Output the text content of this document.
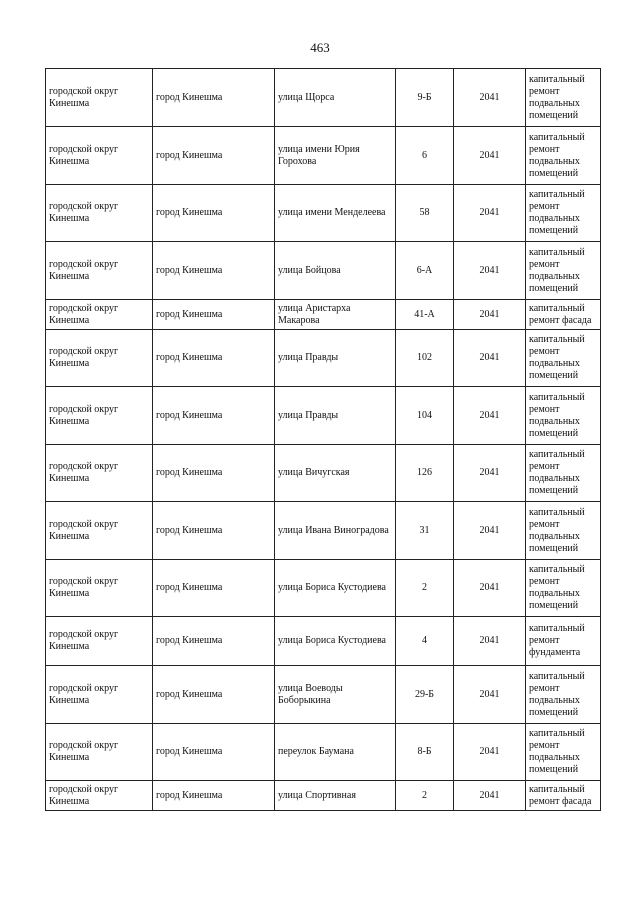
463
городской округ Кинешма	город Кинешма	улица Щорса	9-Б	2041	капитальный ремонт подвальных помещений
городской округ Кинешма	город Кинешма	улица имени Юрия Горохова	6	2041	капитальный ремонт подвальных помещений
городской округ Кинешма	город Кинешма	улица имени Менделеева	58	2041	капитальный ремонт подвальных помещений
городской округ Кинешма	город Кинешма	улица Бойцова	6-А	2041	капитальный ремонт подвальных помещений
городской округ Кинешма	город Кинешма	улица Аристарха Макарова	41-А	2041	капитальный ремонт фасада
городской округ Кинешма	город Кинешма	улица Правды	102	2041	капитальный ремонт подвальных помещений
городской округ Кинешма	город Кинешма	улица Правды	104	2041	капитальный ремонт подвальных помещений
городской округ Кинешма	город Кинешма	улица Вичугская	126	2041	капитальный ремонт подвальных помещений
городской округ Кинешма	город Кинешма	улица Ивана Виноградова	31	2041	капитальный ремонт подвальных помещений
городской округ Кинешма	город Кинешма	улица Бориса Кустодиева	2	2041	капитальный ремонт подвальных помещений
городской округ Кинешма	город Кинешма	улица Бориса Кустодиева	4	2041	капитальный ремонт фундамента
городской округ Кинешма	город Кинешма	улица Воеводы Боборыкина	29-Б	2041	капитальный ремонт подвальных помещений
городской округ Кинешма	город Кинешма	переулок Баумана	8-Б	2041	капитальный ремонт подвальных помещений
городской округ Кинешма	город Кинешма	улица Спортивная	2	2041	капитальный ремонт фасада
